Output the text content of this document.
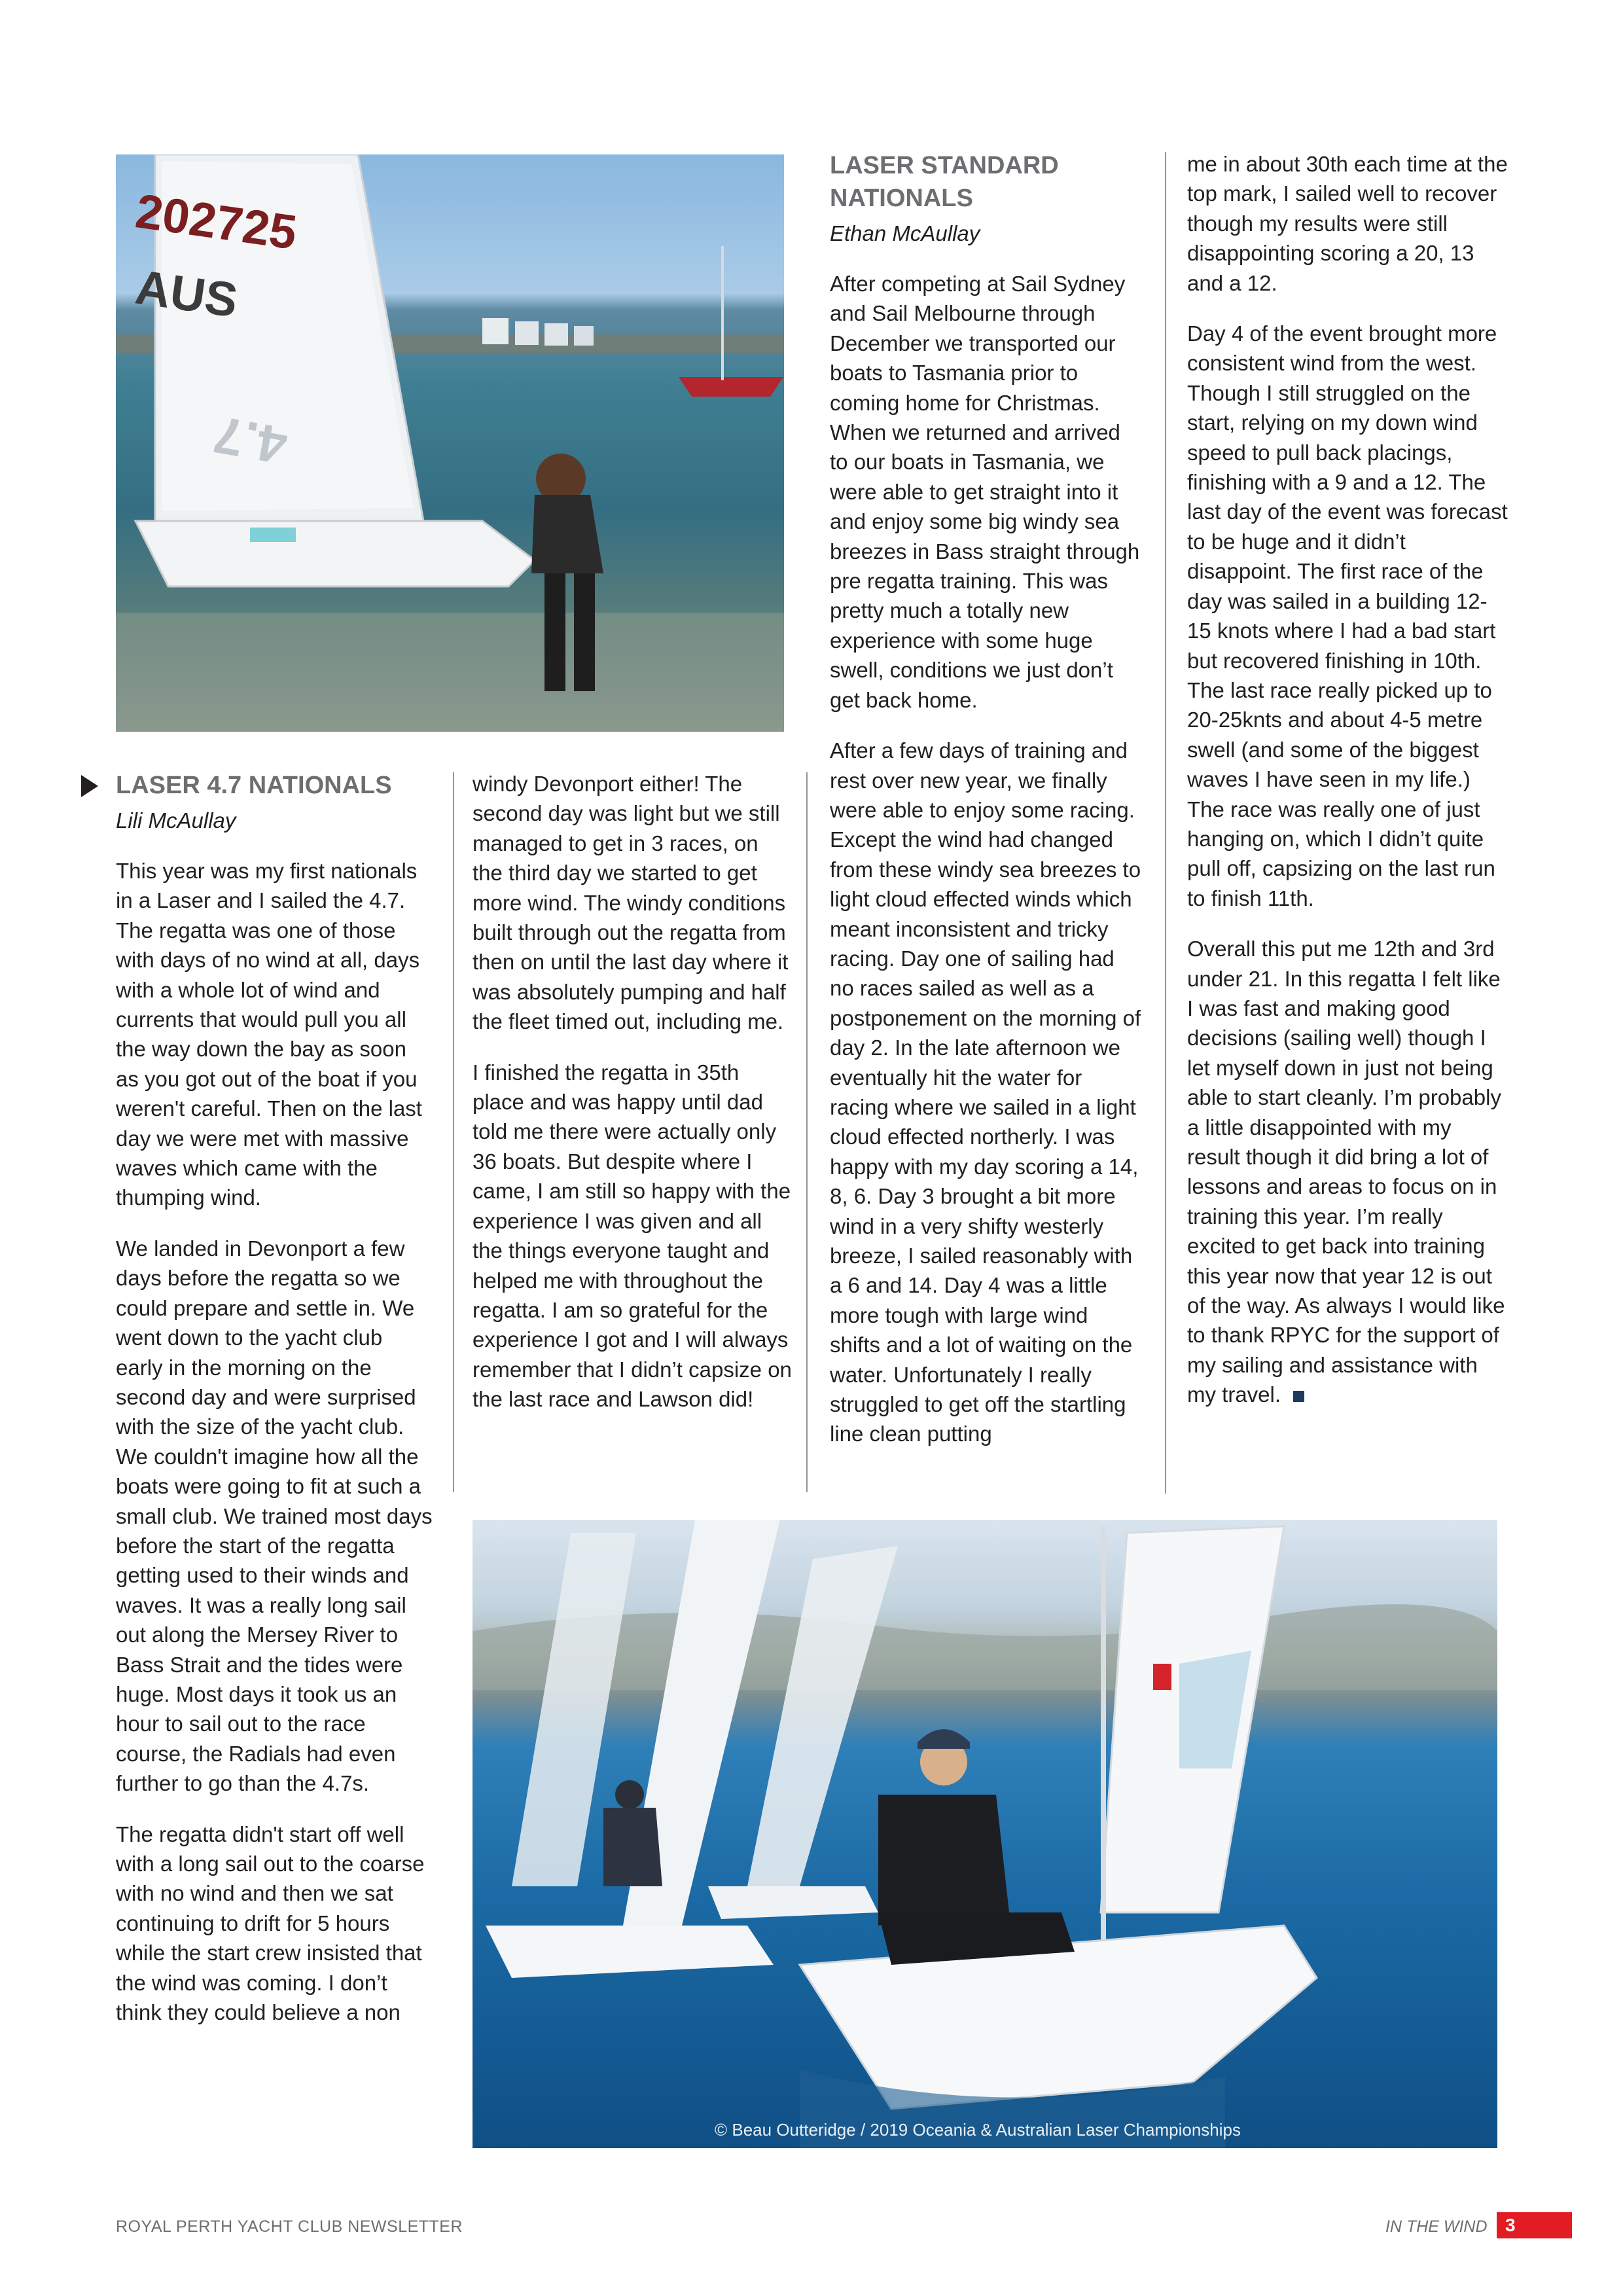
202725
AUS
4.7
LASER 4.7 NATIONALS
Lili McAullay

This year was my first nationals in a Laser and I sailed the 4.7. The regatta was one of those with days of no wind at all, days with a whole lot of wind and currents that would pull you all the way down the bay as soon as you got out of the boat if you weren't careful. Then on the last day we were met with massive waves which came with the thumping wind.

We landed in Devonport a few days before the regatta so we could prepare and settle in. We went down to the yacht club early in the morning on the second day and were surprised with the size of the yacht club. We couldn't imagine how all the boats were going to fit at such a small club. We trained most days before the start of the regatta getting used to their winds and waves. It was a really long sail out along the Mersey River to Bass Strait and the tides were huge. Most days it took us an hour to sail out to the race course, the Radials had even further to go than the 4.7s.

The regatta didn't start off well with a long sail out to the coarse with no wind and then we sat continuing to drift for 5 hours while the start crew insisted that the wind was coming. I don’t think they could believe a non

windy Devonport either! The second day was light but we still managed to get in 3 races, on the third day we started to get more wind. The windy conditions built through out the regatta from then on until the last day where it was absolutely pumping and half the fleet timed out, including me.

I finished the regatta in 35th place and was happy until dad told me there were actually only 36 boats. But despite where I came, I am still so happy with the experience I was given and all the things everyone taught and helped me with throughout the regatta. I am so grateful for the experience I got and I will always remember that I didn’t capsize on the last race and Lawson did!

LASER STANDARD
NATIONALS
Ethan McAullay

After competing at Sail Sydney and Sail Melbourne through December we transported our boats to Tasmania prior to coming home for Christmas. When we returned and arrived to our boats in Tasmania, we were able to get straight into it and enjoy some big windy sea breezes in Bass straight through pre regatta training. This was pretty much a totally new experience with some huge swell, conditions we just don’t get back home.

After a few days of training and rest over new year, we finally were able to enjoy some racing. Except the wind had changed from these windy sea breezes to light cloud effected winds which meant inconsistent and tricky racing. Day one of sailing had no races sailed as well as a postponement on the morning of day 2. In the late afternoon we eventually hit the water for racing where we sailed in a light cloud effected northerly. I was happy with my day scoring a 14, 8, 6. Day 3 brought a bit more wind in a very shifty westerly breeze, I sailed reasonably with a 6 and 14. Day 4 was a little more tough with large wind shifts and a lot of waiting on the water. Unfortunately I really struggled to get off the startling line clean putting

me in about 30th each time at the top mark, I sailed well to recover though my results were still disappointing scoring a 20, 13 and a 12.

Day 4 of the event brought more consistent wind from the west. Though I still struggled on the start, relying on my down wind speed to pull back placings, finishing with a 9 and a 12. The last day of the event was forecast to be huge and it didn’t disappoint. The first race of the day was sailed in a building 12-15 knots where I had a bad start but recovered finishing in 10th. The last race really picked up to 20-25knts and about 4-5 metre swell (and some of the biggest waves I have seen in my life.) The race was really one of just hanging on, which I didn’t quite pull off, capsizing on the last run to finish 11th.

Overall this put me 12th and 3rd under 21. In this regatta I felt like I was fast and making good decisions (sailing well) though I let myself down in just not being able to start cleanly. I’m probably a little disappointed with my result though it did bring a lot of lessons and areas to focus on in training this year. I’m really excited to get back into training this year now that year 12 is out of the way. As always I would like to thank RPYC for the support of my sailing and assistance with my travel.

© Beau Outteridge / 2019 Oceania & Australian Laser Championships
ROYAL PERTH YACHT CLUB NEWSLETTER	IN THE WIND 3
